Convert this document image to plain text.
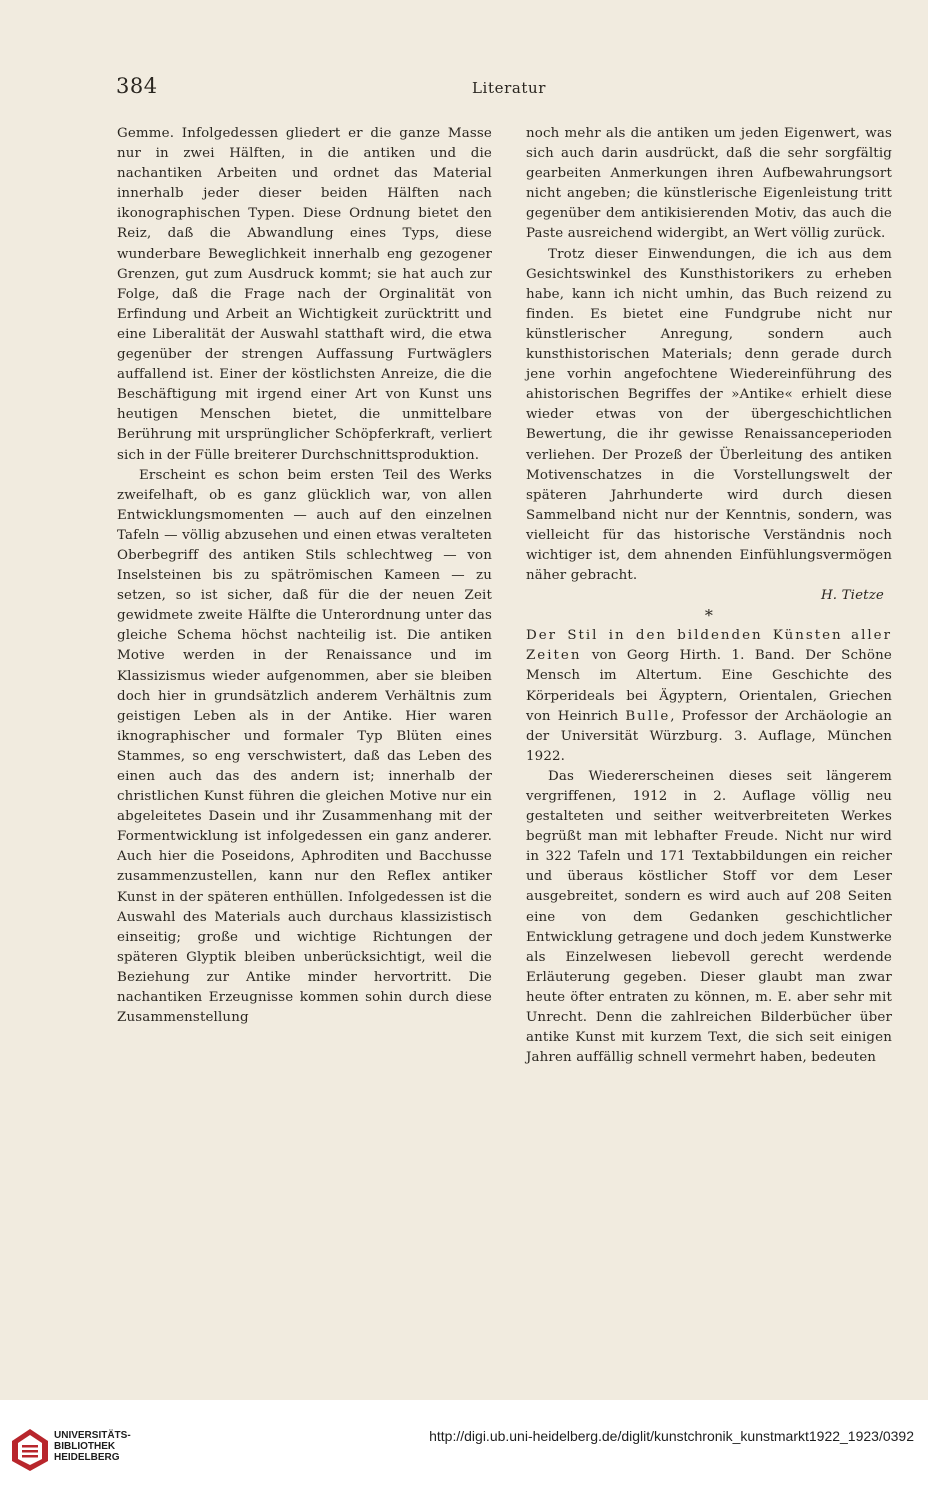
384	Literatur

Gemme. Infolgedessen gliedert er die ganze Masse nur in zwei Hälften, in die antiken und die nachantiken Arbeiten und ordnet das Material innerhalb jeder dieser beiden Hälften nach ikonographischen Typen. Diese Ordnung bietet den Reiz, daß die Abwandlung eines Typs, diese wunderbare Beweglichkeit innerhalb eng gezogener Grenzen, gut zum Ausdruck kommt; sie hat auch zur Folge, daß die Frage nach der Orginalität von Erfindung und Arbeit an Wichtigkeit zurücktritt und eine Liberalität der Auswahl statthaft wird, die etwa gegenüber der strengen Auffassung Furtwäglers auffallend ist. Einer der köstlichsten Anreize, die die Beschäftigung mit irgend einer Art von Kunst uns heutigen Menschen bietet, die unmittelbare Berührung mit ursprünglicher Schöpferkraft, verliert sich in der Fülle breiterer Durchschnittsproduktion.

Erscheint es schon beim ersten Teil des Werks zweifelhaft, ob es ganz glücklich war, von allen Entwicklungsmomenten — auch auf den einzelnen Tafeln — völlig abzusehen und einen etwas veralteten Oberbegriff des antiken Stils schlechtweg — von Inselsteinen bis zu spätrömischen Kameen — zu setzen, so ist sicher, daß für die der neuen Zeit gewidmete zweite Hälfte die Unterordnung unter das gleiche Schema höchst nachteilig ist. Die antiken Motive werden in der Renaissance und im Klassizismus wieder aufgenommen, aber sie bleiben doch hier in grundsätzlich anderem Verhältnis zum geistigen Leben als in der Antike. Hier waren iknographischer und formaler Typ Blüten eines Stammes, so eng verschwistert, daß das Leben des einen auch das des andern ist; innerhalb der christlichen Kunst führen die gleichen Motive nur ein abgeleitetes Dasein und ihr Zusammenhang mit der Formentwicklung ist infolgedessen ein ganz anderer. Auch hier die Poseidons, Aphroditen und Bacchusse zusammenzustellen, kann nur den Reflex antiker Kunst in der späteren enthüllen. Infolgedessen ist die Auswahl des Materials auch durchaus klassizistisch einseitig; große und wichtige Richtungen der späteren Glyptik bleiben unberücksichtigt, weil die Beziehung zur Antike minder hervortritt. Die nachantiken Erzeugnisse kommen sohin durch diese Zusammenstellung

noch mehr als die antiken um jeden Eigenwert, was sich auch darin ausdrückt, daß die sehr sorgfältig gearbeiten Anmerkungen ihren Aufbewahrungsort nicht angeben; die künstlerische Eigenleistung tritt gegenüber dem antikisierenden Motiv, das auch die Paste ausreichend widergibt, an Wert völlig zurück.

Trotz dieser Einwendungen, die ich aus dem Gesichtswinkel des Kunsthistorikers zu erheben habe, kann ich nicht umhin, das Buch reizend zu finden. Es bietet eine Fundgrube nicht nur künstlerischer Anregung, sondern auch kunsthistorischen Materials; denn gerade durch jene vorhin angefochtene Wiedereinführung des ahistorischen Begriffes der »Antike« erhielt diese wieder etwas von der übergeschichtlichen Bewertung, die ihr gewisse Renaissanceperioden verliehen. Der Prozeß der Überleitung des antiken Motivenschatzes in die Vorstellungswelt der späteren Jahrhunderte wird durch diesen Sammelband nicht nur der Kenntnis, sondern, was vielleicht für das historische Verständnis noch wichtiger ist, dem ahnenden Einfühlungsvermögen näher gebracht.

H. Tietze

*

Der Stil in den bildenden Künsten aller Zeiten von Georg Hirth. 1. Band. Der Schöne Mensch im Altertum. Eine Geschichte des Körperideals bei Ägyptern, Orientalen, Griechen von Heinrich Bulle, Professor der Archäologie an der Universität Würzburg. 3. Auflage, München 1922.

Das Wiedererscheinen dieses seit längerem vergriffenen, 1912 in 2. Auflage völlig neu gestalteten und seither weitverbreiteten Werkes begrüßt man mit lebhafter Freude. Nicht nur wird in 322 Tafeln und 171 Textabbildungen ein reicher und überaus köstlicher Stoff vor dem Leser ausgebreitet, sondern es wird auch auf 208 Seiten eine von dem Gedanken geschichtlicher Entwicklung getragene und doch jedem Kunstwerke als Einzelwesen liebevoll gerecht werdende Erläuterung gegeben. Dieser glaubt man zwar heute öfter entraten zu können, m. E. aber sehr mit Unrecht. Denn die zahlreichen Bilderbücher über antike Kunst mit kurzem Text, die sich seit einigen Jahren auffällig schnell vermehrt haben, bedeuten

UNIVERSITÄTS-
BIBLIOTHEK
HEIDELBERG
http://digi.ub.uni-heidelberg.de/diglit/kunstchronik_kunstmarkt1922_1923/0392
